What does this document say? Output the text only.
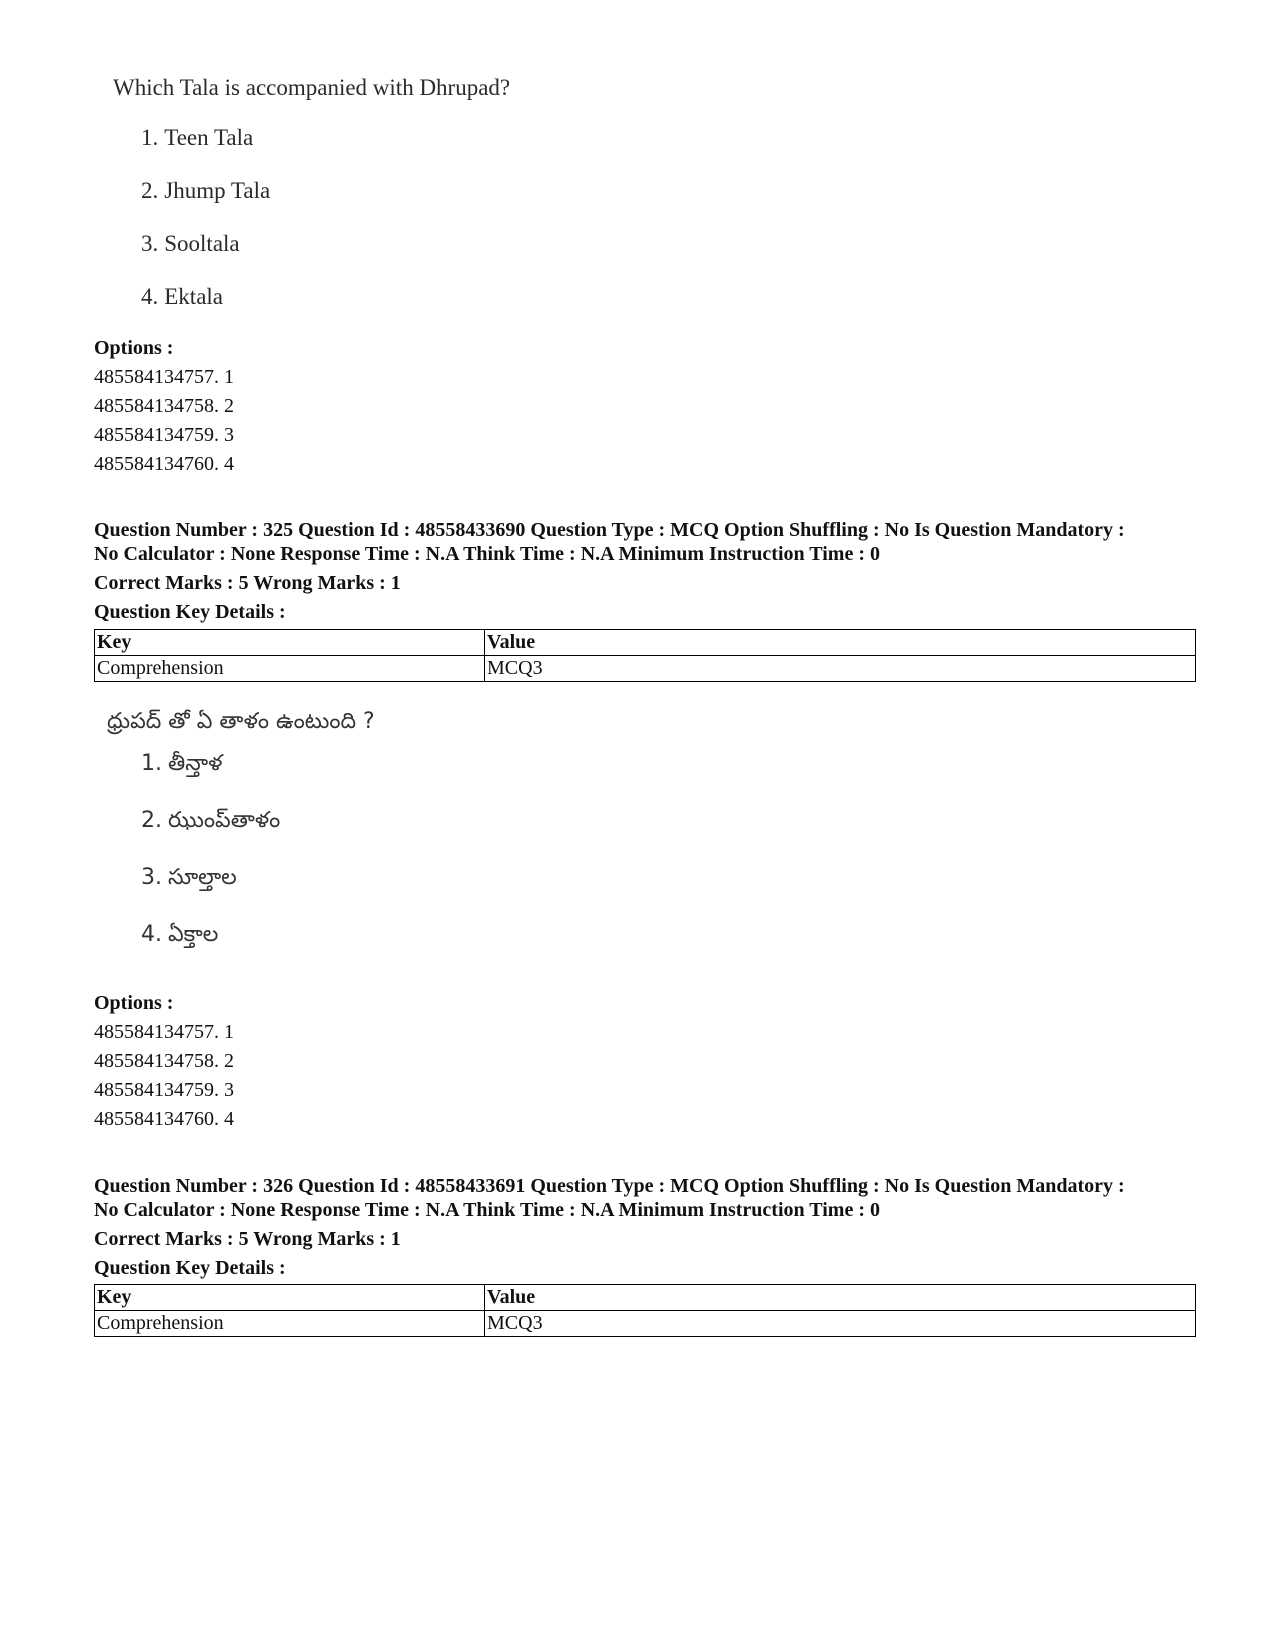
Which Tala is accompanied with Dhrupad?
1. Teen Tala
2. Jhump Tala
3. Sooltala
4. Ektala
Options :
485584134757. 1
485584134758. 2
485584134759. 3
485584134760. 4
Question Number : 325 Question Id : 48558433690 Question Type : MCQ Option Shuffling : No Is Question Mandatory :
No Calculator : None Response Time : N.A Think Time : N.A Minimum Instruction Time : 0
Correct Marks : 5 Wrong Marks : 1
Question Key Details :
Key	Value
Comprehension	MCQ3
ధ్రుపద్ తో ఏ తాళం ఉంటుంది ?
1. తీన్తాళ
2. ఝుంప్‌తాళం
3. సూల్తాల
4. ఏక్తాల
Options :
485584134757. 1
485584134758. 2
485584134759. 3
485584134760. 4
Question Number : 326 Question Id : 48558433691 Question Type : MCQ Option Shuffling : No Is Question Mandatory :
No Calculator : None Response Time : N.A Think Time : N.A Minimum Instruction Time : 0
Correct Marks : 5 Wrong Marks : 1
Question Key Details :
Key	Value
Comprehension	MCQ3
